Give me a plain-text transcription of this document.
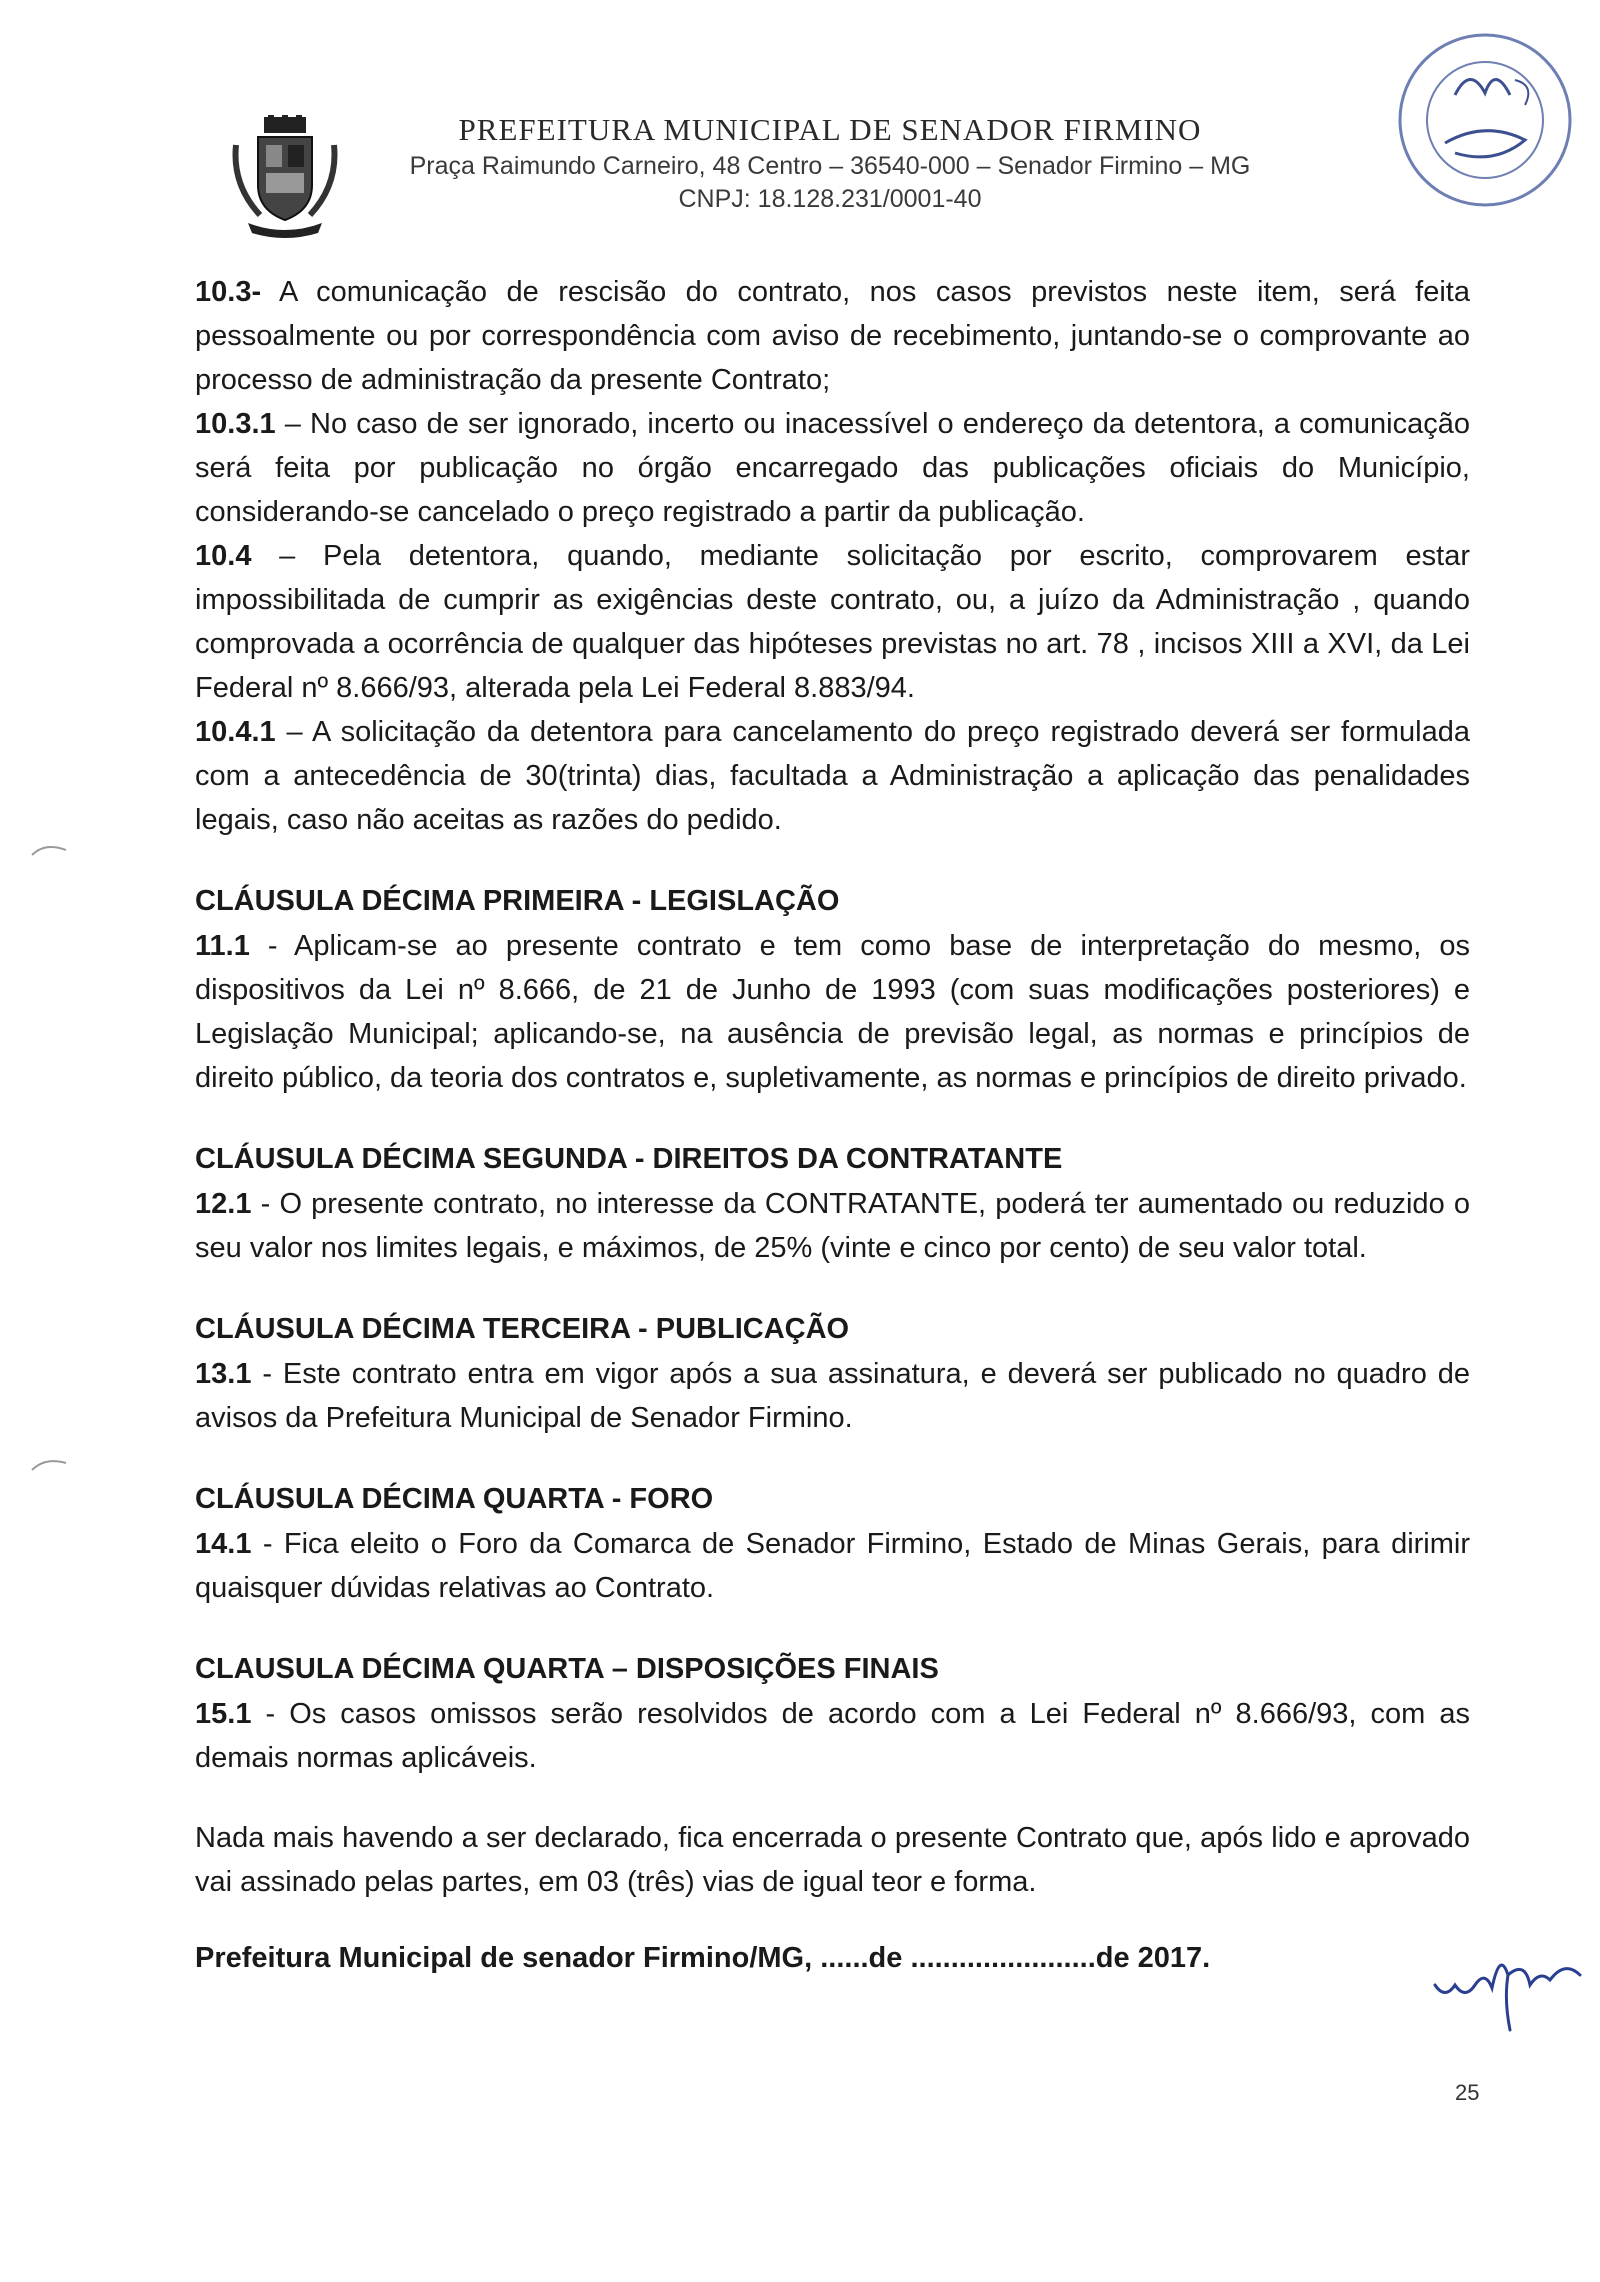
PREFEITURA MUNICIPAL DE SENADOR FIRMINO
Praça Raimundo Carneiro, 48 Centro – 36540-000 – Senador Firmino – MG
CNPJ: 18.128.231/0001-40

10.3- A comunicação de rescisão do contrato, nos casos previstos neste item, será feita pessoalmente ou por correspondência com aviso de recebimento, juntando-se o comprovante ao processo de administração da presente Contrato;

10.3.1 – No caso de ser ignorado, incerto ou inacessível o endereço da detentora, a comunicação será feita por publicação no órgão encarregado das publicações oficiais do Município, considerando-se cancelado o preço registrado a partir da publicação.

10.4 – Pela detentora, quando, mediante solicitação por escrito, comprovarem estar impossibilitada de cumprir as exigências deste contrato, ou, a juízo da Administração , quando comprovada a ocorrência de qualquer das hipóteses previstas no art. 78 , incisos XIII a XVI, da Lei Federal nº 8.666/93, alterada pela Lei Federal 8.883/94.

10.4.1 – A solicitação da detentora para cancelamento do preço registrado deverá ser formulada com a antecedência de 30(trinta) dias, facultada a Administração a aplicação das penalidades legais, caso não aceitas as razões do pedido.

CLÁUSULA DÉCIMA PRIMEIRA - LEGISLAÇÃO

11.1 - Aplicam-se ao presente contrato e tem como base de interpretação do mesmo, os dispositivos da Lei nº 8.666, de 21 de Junho de 1993 (com suas modificações posteriores) e Legislação Municipal; aplicando-se, na ausência de previsão legal, as normas e princípios de direito público, da teoria dos contratos e, supletivamente, as normas e princípios de direito privado.

CLÁUSULA DÉCIMA SEGUNDA - DIREITOS DA CONTRATANTE

12.1 - O presente contrato, no interesse da CONTRATANTE, poderá ter aumentado ou reduzido o seu valor nos limites legais, e máximos, de 25% (vinte e cinco por cento) de seu valor total.

CLÁUSULA DÉCIMA TERCEIRA - PUBLICAÇÃO

13.1 - Este contrato entra em vigor após a sua assinatura, e deverá ser publicado no quadro de avisos da Prefeitura Municipal de Senador Firmino.

CLÁUSULA DÉCIMA QUARTA - FORO

14.1 - Fica eleito o Foro da Comarca de Senador Firmino, Estado de Minas Gerais, para dirimir quaisquer dúvidas relativas ao Contrato.

CLAUSULA DÉCIMA QUARTA – DISPOSIÇÕES FINAIS

15.1 - Os casos omissos serão resolvidos de acordo com a Lei Federal nº 8.666/93, com as demais normas aplicáveis.

Nada mais havendo a ser declarado, fica encerrada o presente Contrato que, após lido e aprovado vai assinado pelas partes, em 03 (três) vias de igual teor e forma.
Prefeitura Municipal de senador Firmino/MG, ......de .......................de 2017.
25
